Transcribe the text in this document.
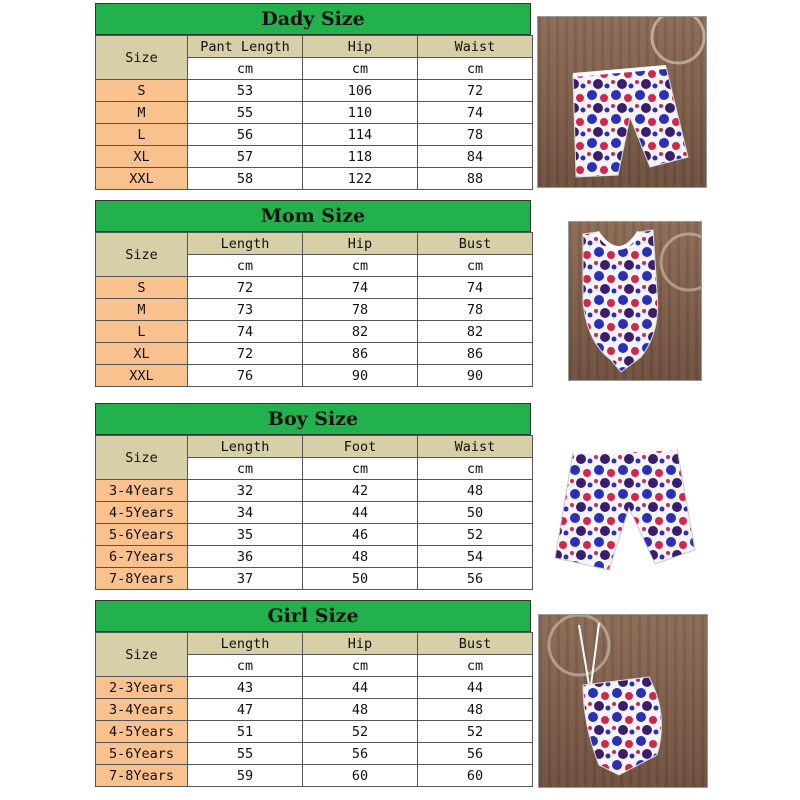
Dady Size
Size	Pant Length	Hip	Waist
	cm	cm	cm
S	53	106	72
M	55	110	74
L	56	114	78
XL	57	118	84
XXL	58	122	88
Mom Size
Size	Length	Hip	Bust
	cm	cm	cm
S	72	74	74
M	73	78	78
L	74	82	82
XL	72	86	86
XXL	76	90	90
Boy Size
Size	Length	Foot	Waist
	cm	cm	cm
3-4Years	32	42	48
4-5Years	34	44	50
5-6Years	35	46	52
6-7Years	36	48	54
7-8Years	37	50	56
Girl Size
Size	Length	Hip	Bust
	cm	cm	cm
2-3Years	43	44	44
3-4Years	47	48	48
4-5Years	51	52	52
5-6Years	55	56	56
7-8Years	59	60	60
